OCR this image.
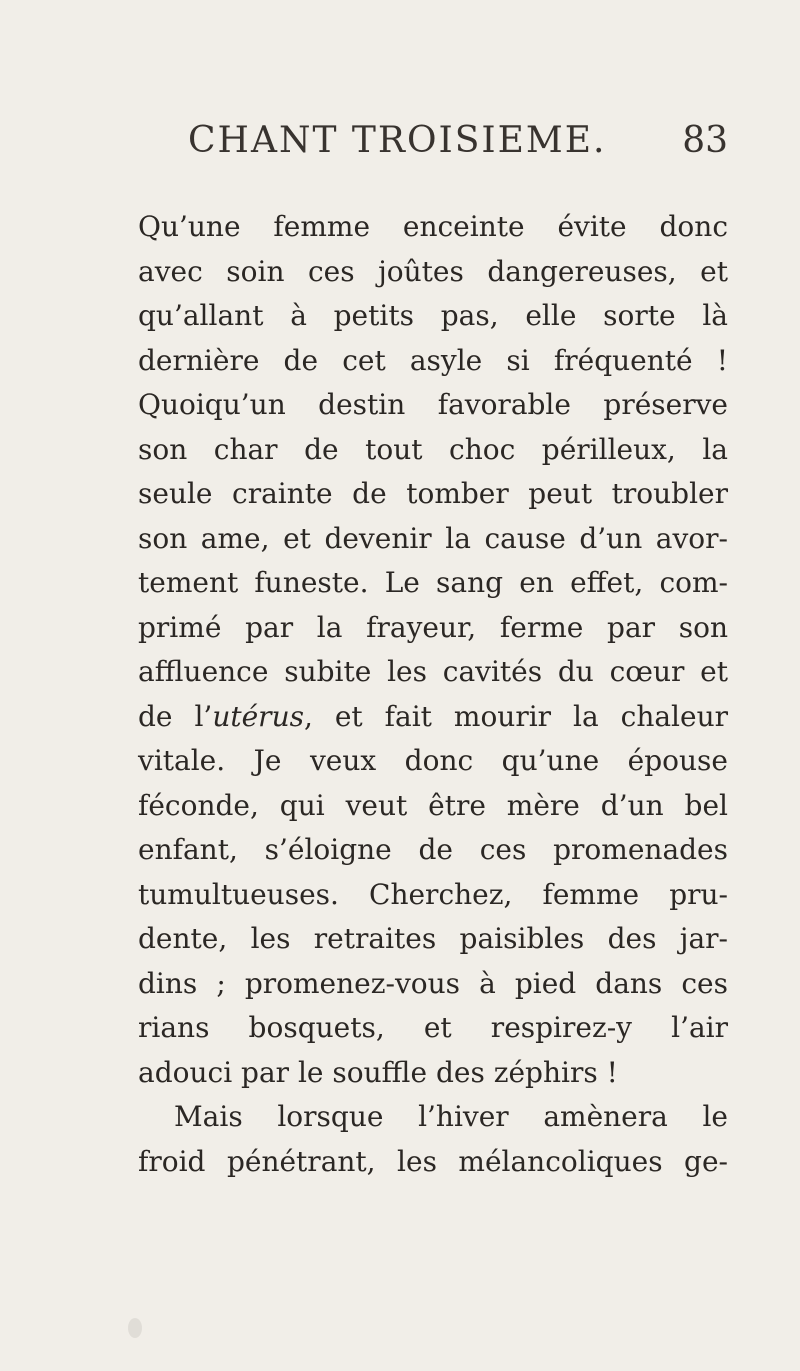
CHANT TROISIEME. 83
Qu’une femme enceinte évite donc
avec soin ces joûtes dangereuses, et
qu’allant à petits pas, elle sorte là
dernière de cet asyle si fréquenté !
Quoiqu’un destin favorable préserve
son char de tout choc périlleux, la
seule crainte de tomber peut troubler
son ame, et devenir la cause d’un avor-
tement funeste. Le sang en effet, com-
primé par la frayeur, ferme par son
affluence subite les cavités du cœur et
de l’utérus, et fait mourir la chaleur
vitale. Je veux donc qu’une épouse
féconde, qui veut être mère d’un bel
enfant, s’éloigne de ces promenades
tumultueuses. Cherchez, femme pru-
dente, les retraites paisibles des jar-
dins ; promenez-vous à pied dans ces
rians bosquets, et respirez-y l’air
adouci par le souffle des zéphirs !
Mais lorsque l’hiver amènera le
froid pénétrant, les mélancoliques ge-
